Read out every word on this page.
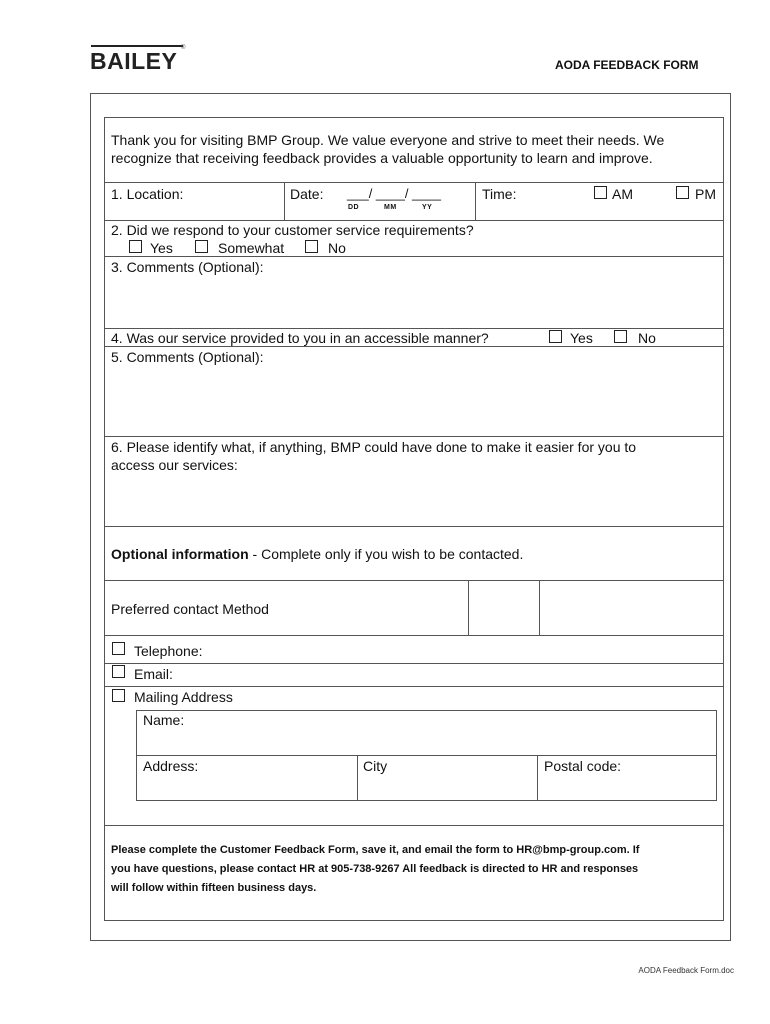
BAILEY ®
AODA FEEDBACK FORM
Thank you for visiting BMP Group. We value everyone and strive to meet their needs. We
recognize that receiving feedback provides a valuable opportunity to learn and improve.
1. Location:	Date: ___/ ____/ ____
DD	MM	YY
Time:	AM	PM
2. Did we respond to your customer service requirements?
Yes	Somewhat	No
3. Comments (Optional):
4. Was our service provided to you in an accessible manner?	Yes	No
5. Comments (Optional):
6. Please identify what, if anything, BMP could have done to make it easier for you to
access our services:
Optional information - Complete only if you wish to be contacted.
Preferred contact Method
Telephone:
Email:
Mailing Address
Name:
Address:	City	Postal code:
Please complete the Customer Feedback Form, save it, and email the form to HR@bmp-group.com. If
you have questions, please contact HR at 905-738-9267 All feedback is directed to HR and responses
will follow within fifteen business days.
AODA Feedback Form.doc
